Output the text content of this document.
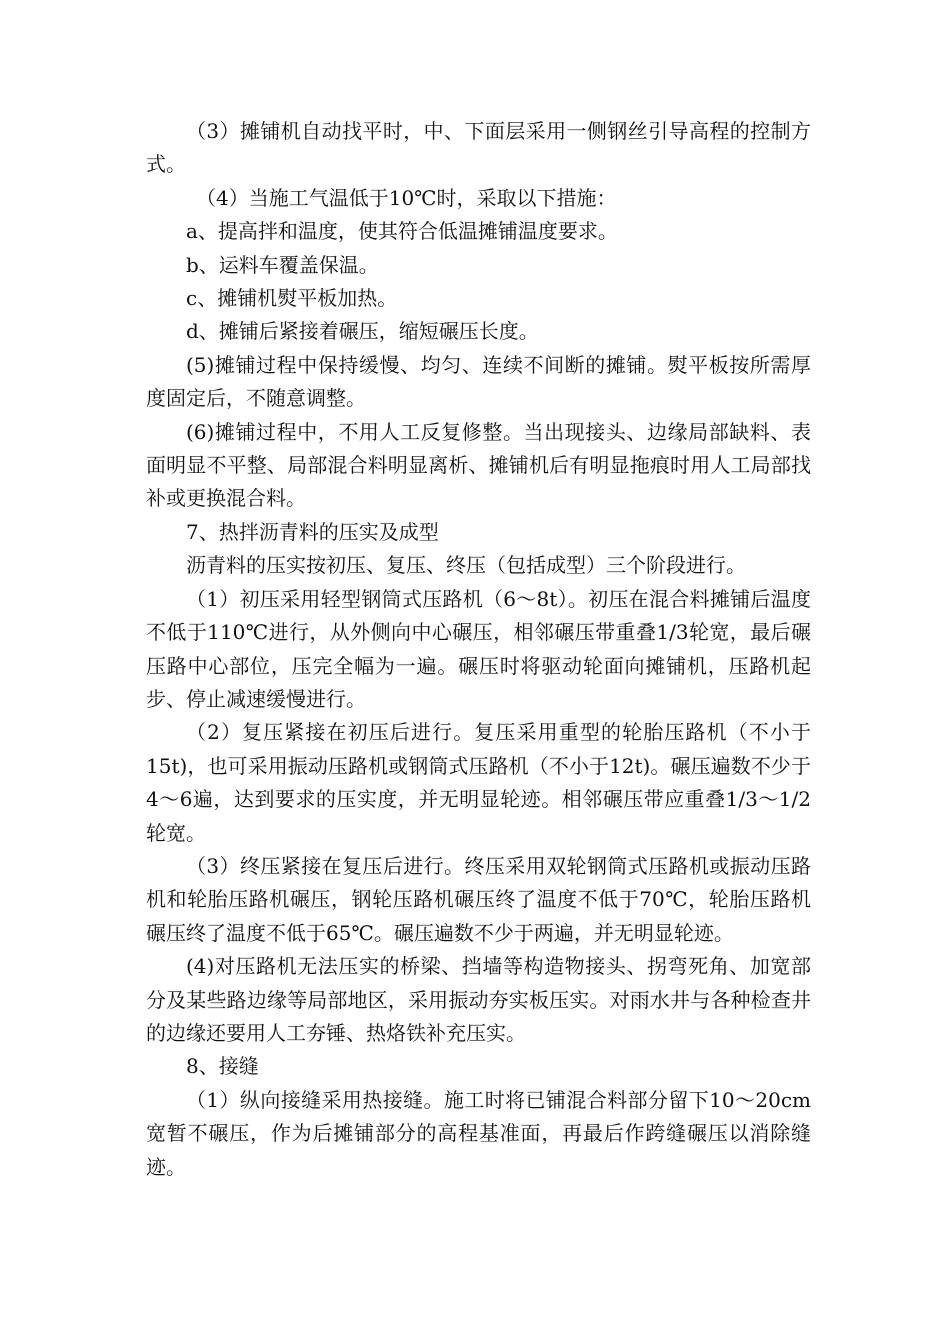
（3）摊铺机自动找平时，中、下面层采用一侧钢丝引导高程的控制方式。

（4）当施工气温低于10℃时，采取以下措施：

a、提高拌和温度，使其符合低温摊铺温度要求。

b、运料车覆盖保温。

c、摊铺机熨平板加热。

d、摊铺后紧接着碾压，缩短碾压长度。

(5)摊铺过程中保持缓慢、均匀、连续不间断的摊铺。熨平板按所需厚度固定后，不随意调整。

(6)摊铺过程中，不用人工反复修整。当出现接头、边缘局部缺料、表面明显不平整、局部混合料明显离析、摊铺机后有明显拖痕时用人工局部找补或更换混合料。

7、热拌沥青料的压实及成型

沥青料的压实按初压、复压、终压（包括成型）三个阶段进行。

（1）初压采用轻型钢筒式压路机（6～8t）。初压在混合料摊铺后温度不低于110℃进行，从外侧向中心碾压，相邻碾压带重叠1/3轮宽，最后碾压路中心部位，压完全幅为一遍。碾压时将驱动轮面向摊铺机，压路机起步、停止减速缓慢进行。

（2）复压紧接在初压后进行。复压采用重型的轮胎压路机（不小于15t)，也可采用振动压路机或钢筒式压路机（不小于12t)。碾压遍数不少于4～6遍，达到要求的压实度，并无明显轮迹。相邻碾压带应重叠1/3～1/2轮宽。

（3）终压紧接在复压后进行。终压采用双轮钢筒式压路机或振动压路机和轮胎压路机碾压，钢轮压路机碾压终了温度不低于70℃，轮胎压路机碾压终了温度不低于65℃。碾压遍数不少于两遍，并无明显轮迹。

(4)对压路机无法压实的桥梁、挡墙等构造物接头、拐弯死角、加宽部分及某些路边缘等局部地区，采用振动夯实板压实。对雨水井与各种检查井的边缘还要用人工夯锤、热烙铁补充压实。

8、接缝

（1）纵向接缝采用热接缝。施工时将已铺混合料部分留下10～20cm宽暂不碾压，作为后摊铺部分的高程基准面，再最后作跨缝碾压以消除缝迹。
